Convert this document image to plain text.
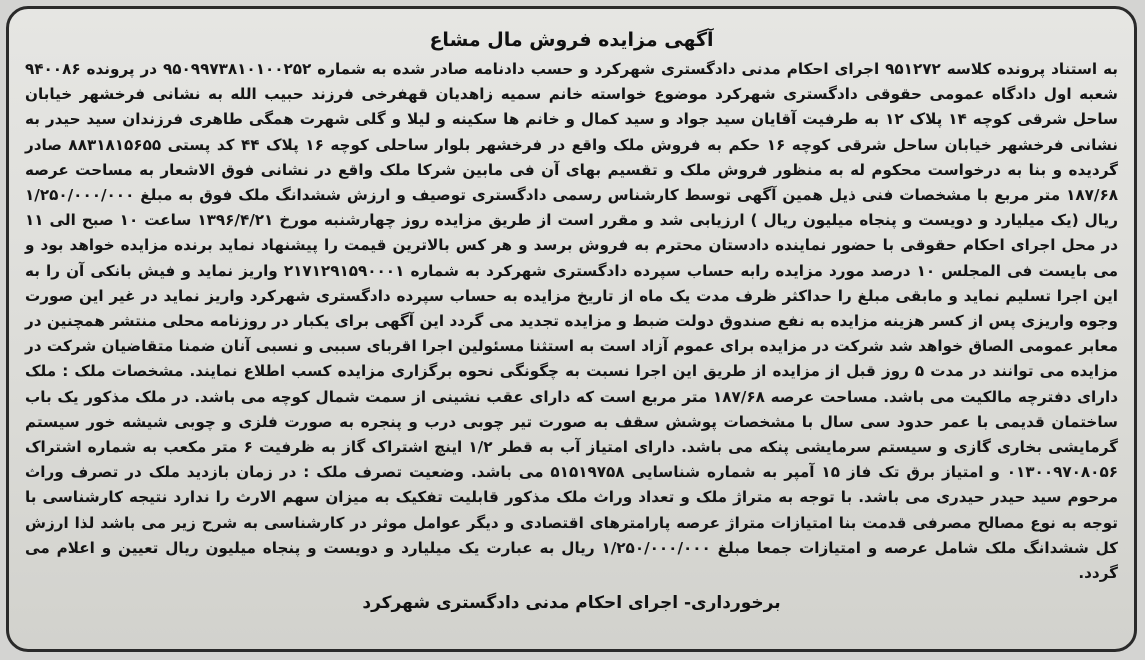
آگهی مزایده فروش مال مشاع

به استناد پرونده کلاسه ۹۵۱۲۷۲ اجرای احکام مدنی دادگستری شهرکرد و حسب دادنامه صادر شده به شماره ۹۵۰۹۹۷۳۸۱۰۱۰۰۲۵۲ در پرونده ۹۴۰۰۸۶ شعبه اول دادگاه عمومی حقوقی دادگستری شهرکرد موضوع خواسته خانم سمیه زاهدیان قهفرخی فرزند حبیب الله به نشانی فرخشهر خیابان ساحل شرقی کوچه ۱۴ پلاک ۱۲ به طرفیت آقایان سید جواد و سید کمال و خانم ها سکینه و لیلا و گلی شهرت همگی طاهری فرزندان سید حیدر به نشانی فرخشهر خیابان ساحل شرقی کوچه ۱۶ حکم به فروش ملک واقع در فرخشهر بلوار ساحلی کوچه ۱۶ پلاک ۴۴ کد پستی ۸۸۳۱۸۱۵۶۵۵ صادر گردیده و بنا به درخواست محکوم له به منظور فروش ملک و تقسیم بهای آن فی مابین شرکا ملک واقع در نشانی فوق الاشعار به مساحت عرصه ۱۸۷/۶۸ متر مربع با مشخصات فنی ذیل همین آگهی توسط کارشناس رسمی دادگستری توصیف و ارزش ششدانگ ملک فوق به مبلغ ۱/۲۵۰/۰۰۰/۰۰۰ ریال (یک میلیارد و دویست و پنجاه میلیون ریال ) ارزیابی شد و مقرر است از طریق مزایده روز چهارشنبه مورخ ۱۳۹۶/۴/۲۱ ساعت ۱۰ صبح الی ۱۱ در محل اجرای احکام حقوقی با حضور نماینده دادستان محترم به فروش برسد و هر کس بالاترین قیمت را پیشنهاد نماید برنده مزایده خواهد بود و می بایست فی المجلس ۱۰ درصد مورد مزایده رابه حساب سپرده دادگستری شهرکرد به شماره ۲۱۷۱۲۹۱۵۹۰۰۰۱ واریز نماید و فیش بانکی آن را به این اجرا تسلیم نماید و مابقی مبلغ را حداکثر ظرف مدت یک ماه از تاریخ مزایده به حساب سپرده دادگستری شهرکرد واریز نماید در غیر این صورت وجوه واریزی پس از کسر هزینه مزایده به نفع صندوق دولت ضبط و مزایده تجدید می گردد این آگهی برای یکبار در روزنامه محلی منتشر همچنین در معابر عمومی الصاق خواهد شد شرکت در مزایده برای عموم آزاد است به استثنا مسئولین اجرا اقربای سببی و نسبی آنان ضمنا متقاضیان شرکت در مزایده می توانند در مدت ۵ روز قبل از مزایده از طریق این اجرا نسبت به چگونگی نحوه برگزاری مزایده کسب اطلاع نمایند. مشخصات ملک : ملک دارای دفترچه مالکیت می باشد. مساحت عرصه ۱۸۷/۶۸ متر مربع است که دارای عقب نشینی از سمت شمال کوچه می باشد. در ملک مذکور یک باب ساختمان قدیمی با عمر حدود سی سال با مشخصات پوشش سقف به صورت تیر چوبی درب و پنجره به صورت فلزی و چوبی شیشه خور سیستم گرمایشی بخاری گازی و سیستم سرمایشی پنکه می باشد. دارای امتیاز آب به قطر ۱/۲ اینچ اشتراک گاز به ظرفیت ۶ متر مکعب به شماره اشتراک ۰۱۳۰۰۹۷۰۸۰۵۶ و امتیاز برق تک فاز ۱۵ آمپر به شماره شناسایی ۵۱۵۱۹۷۵۸ می باشد. وضعیت تصرف ملک : در زمان بازدید ملک در تصرف وراث مرحوم سید حیدر حیدری می باشد. با توجه به متراژ ملک و تعداد وراث ملک مذکور قابلیت تفکیک به میزان سهم الارث را ندارد نتیجه کارشناسی با توجه به نوع مصالح مصرفی قدمت بنا امتیازات متراژ عرصه پارامترهای اقتصادی و دیگر عوامل موثر در کارشناسی به شرح زیر می باشد لذا ارزش کل ششدانگ ملک شامل عرصه و امتیازات جمعا مبلغ ۱/۲۵۰/۰۰۰/۰۰۰ ریال به عبارت یک میلیارد و دویست و پنجاه میلیون ریال تعیین و اعلام می گردد.

برخورداری- اجرای احکام مدنی دادگستری شهرکرد
